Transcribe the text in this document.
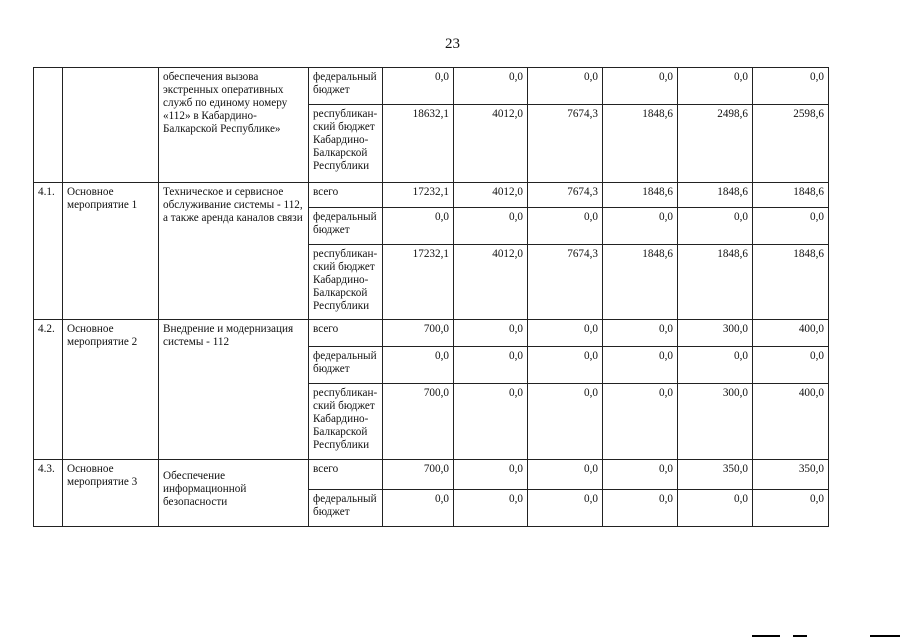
23
		обеспечения вызова экстренных оперативных служб по единому номеру «112» в Кабардино-Балкарской Республике»	федеральный бюджет	0,0	0,0	0,0	0,0	0,0	0,0
			республикан-ский бюджет Кабардино-Балкарской Республики	18632,1	4012,0	7674,3	1848,6	2498,6	2598,6
4.1.	Основное мероприятие 1	Техническое и сервисное обслуживание системы - 112, а также аренда каналов связи	всего	17232,1	4012,0	7674,3	1848,6	1848,6	1848,6
			федеральный бюджет	0,0	0,0	0,0	0,0	0,0	0,0
			республикан-ский бюджет Кабардино-Балкарской Республики	17232,1	4012,0	7674,3	1848,6	1848,6	1848,6
4.2.	Основное мероприятие 2	Внедрение и модернизация системы - 112	всего	700,0	0,0	0,0	0,0	300,0	400,0
			федеральный бюджет	0,0	0,0	0,0	0,0	0,0	0,0
			республикан-ский бюджет Кабардино-Балкарской Республики	700,0	0,0	0,0	0,0	300,0	400,0
4.3.	Основное мероприятие 3	Обеспечение информационной безопасности	всего	700,0	0,0	0,0	0,0	350,0	350,0
			федеральный бюджет	0,0	0,0	0,0	0,0	0,0	0,0
